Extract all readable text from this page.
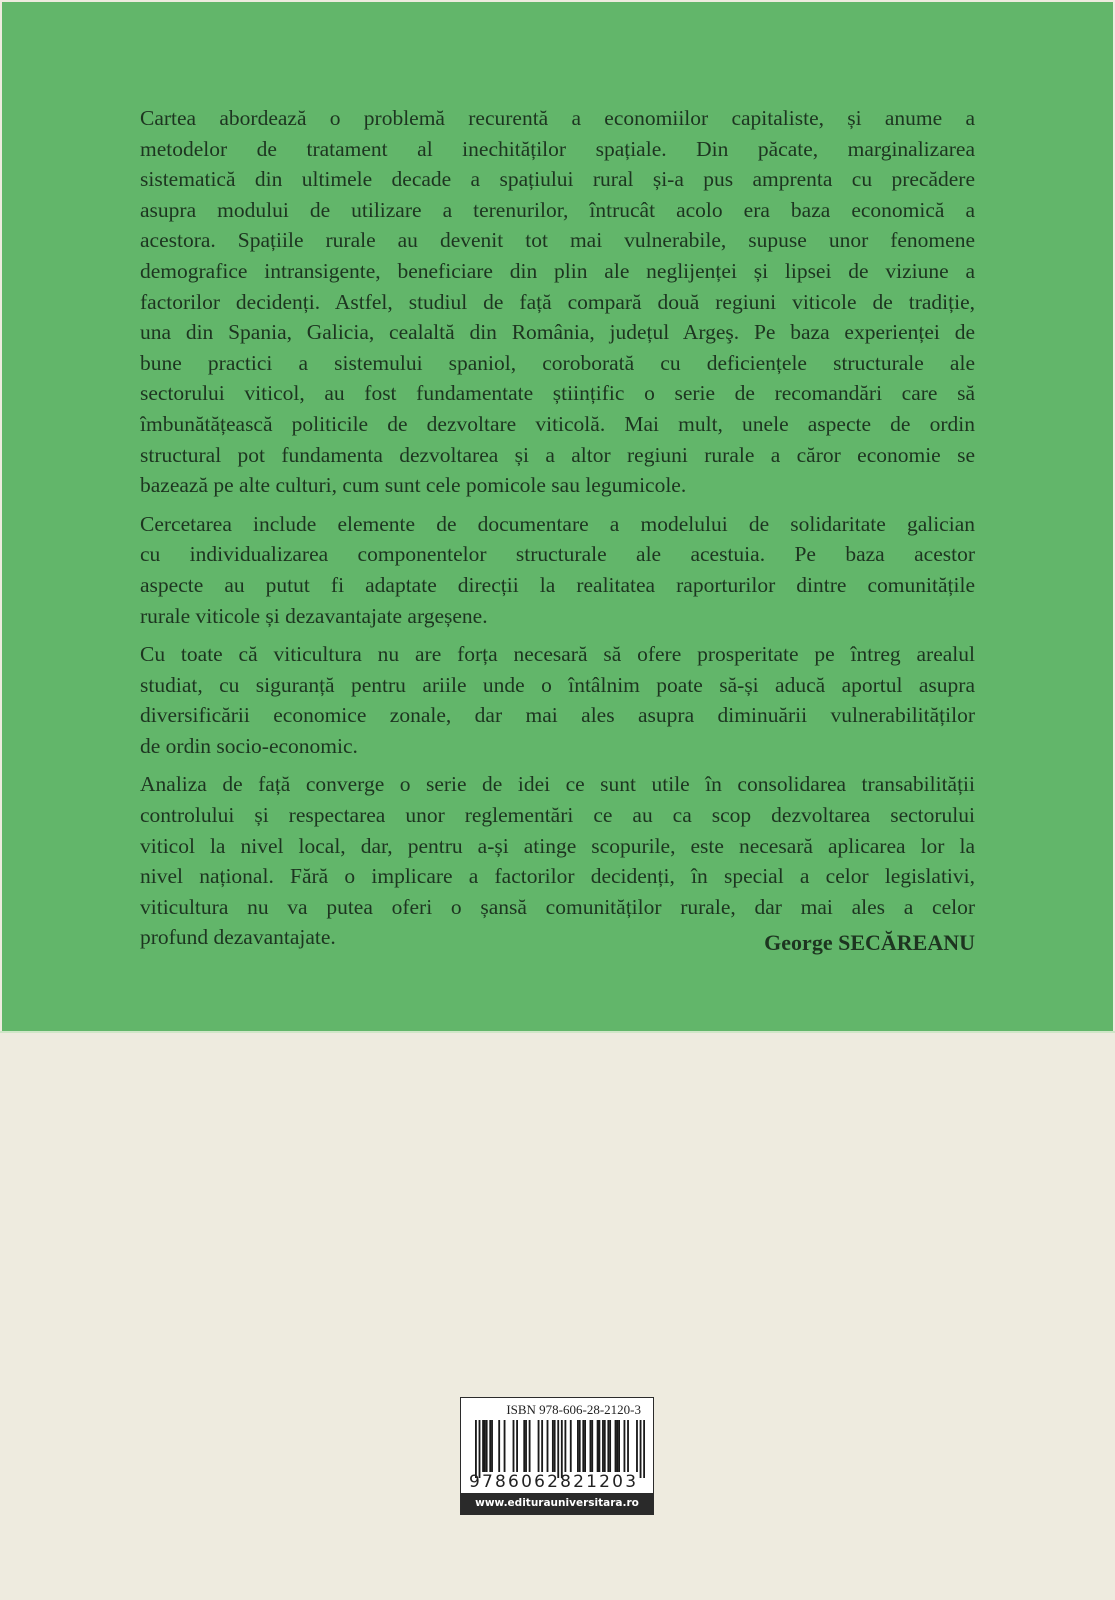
Cartea abordează o problemă recurentă a economiilor capitaliste, și anume a
metodelor de tratament al inechităților spațiale. Din păcate, marginalizarea
sistematică din ultimele decade a spațiului rural și-a pus amprenta cu precădere
asupra modului de utilizare a terenurilor, întrucât acolo era baza economică a
acestora. Spațiile rurale au devenit tot mai vulnerabile, supuse unor fenomene
demografice intransigente, beneficiare din plin ale neglijenței și lipsei de viziune a
factorilor decidenți. Astfel, studiul de față compară două regiuni viticole de tradiție,
una din Spania, Galicia, cealaltă din România, județul Argeş. Pe baza experienței de
bune practici a sistemului spaniol, coroborată cu deficiențele structurale ale
sectorului viticol, au fost fundamentate științific o serie de recomandări care să
îmbunătățească politicile de dezvoltare viticolă. Mai mult, unele aspecte de ordin
structural pot fundamenta dezvoltarea și a altor regiuni rurale a căror economie se
bazează pe alte culturi, cum sunt cele pomicole sau legumicole.
Cercetarea include elemente de documentare a modelului de solidaritate galician
cu individualizarea componentelor structurale ale acestuia. Pe baza acestor
aspecte au putut fi adaptate direcții la realitatea raporturilor dintre comunitățile
rurale viticole și dezavantajate argeșene.
Cu toate că viticultura nu are forța necesară să ofere prosperitate pe întreg arealul
studiat, cu siguranță pentru ariile unde o întâlnim poate să-și aducă aportul asupra
diversificării economice zonale, dar mai ales asupra diminuării vulnerabilităților
de ordin socio-economic.
Analiza de față converge o serie de idei ce sunt utile în consolidarea transabilității
controlului și respectarea unor reglementări ce au ca scop dezvoltarea sectorului
viticol la nivel local, dar, pentru a-și atinge scopurile, este necesară aplicarea lor la
nivel național. Fără o implicare a factorilor decidenți, în special a celor legislativi,
viticultura nu va putea oferi o șansă comunităților rurale, dar mai ales a celor
profund dezavantajate.	George SECĂREANU
ISBN 978-606-28-2120-3
9786062821203
www.editurauniversitara.ro
